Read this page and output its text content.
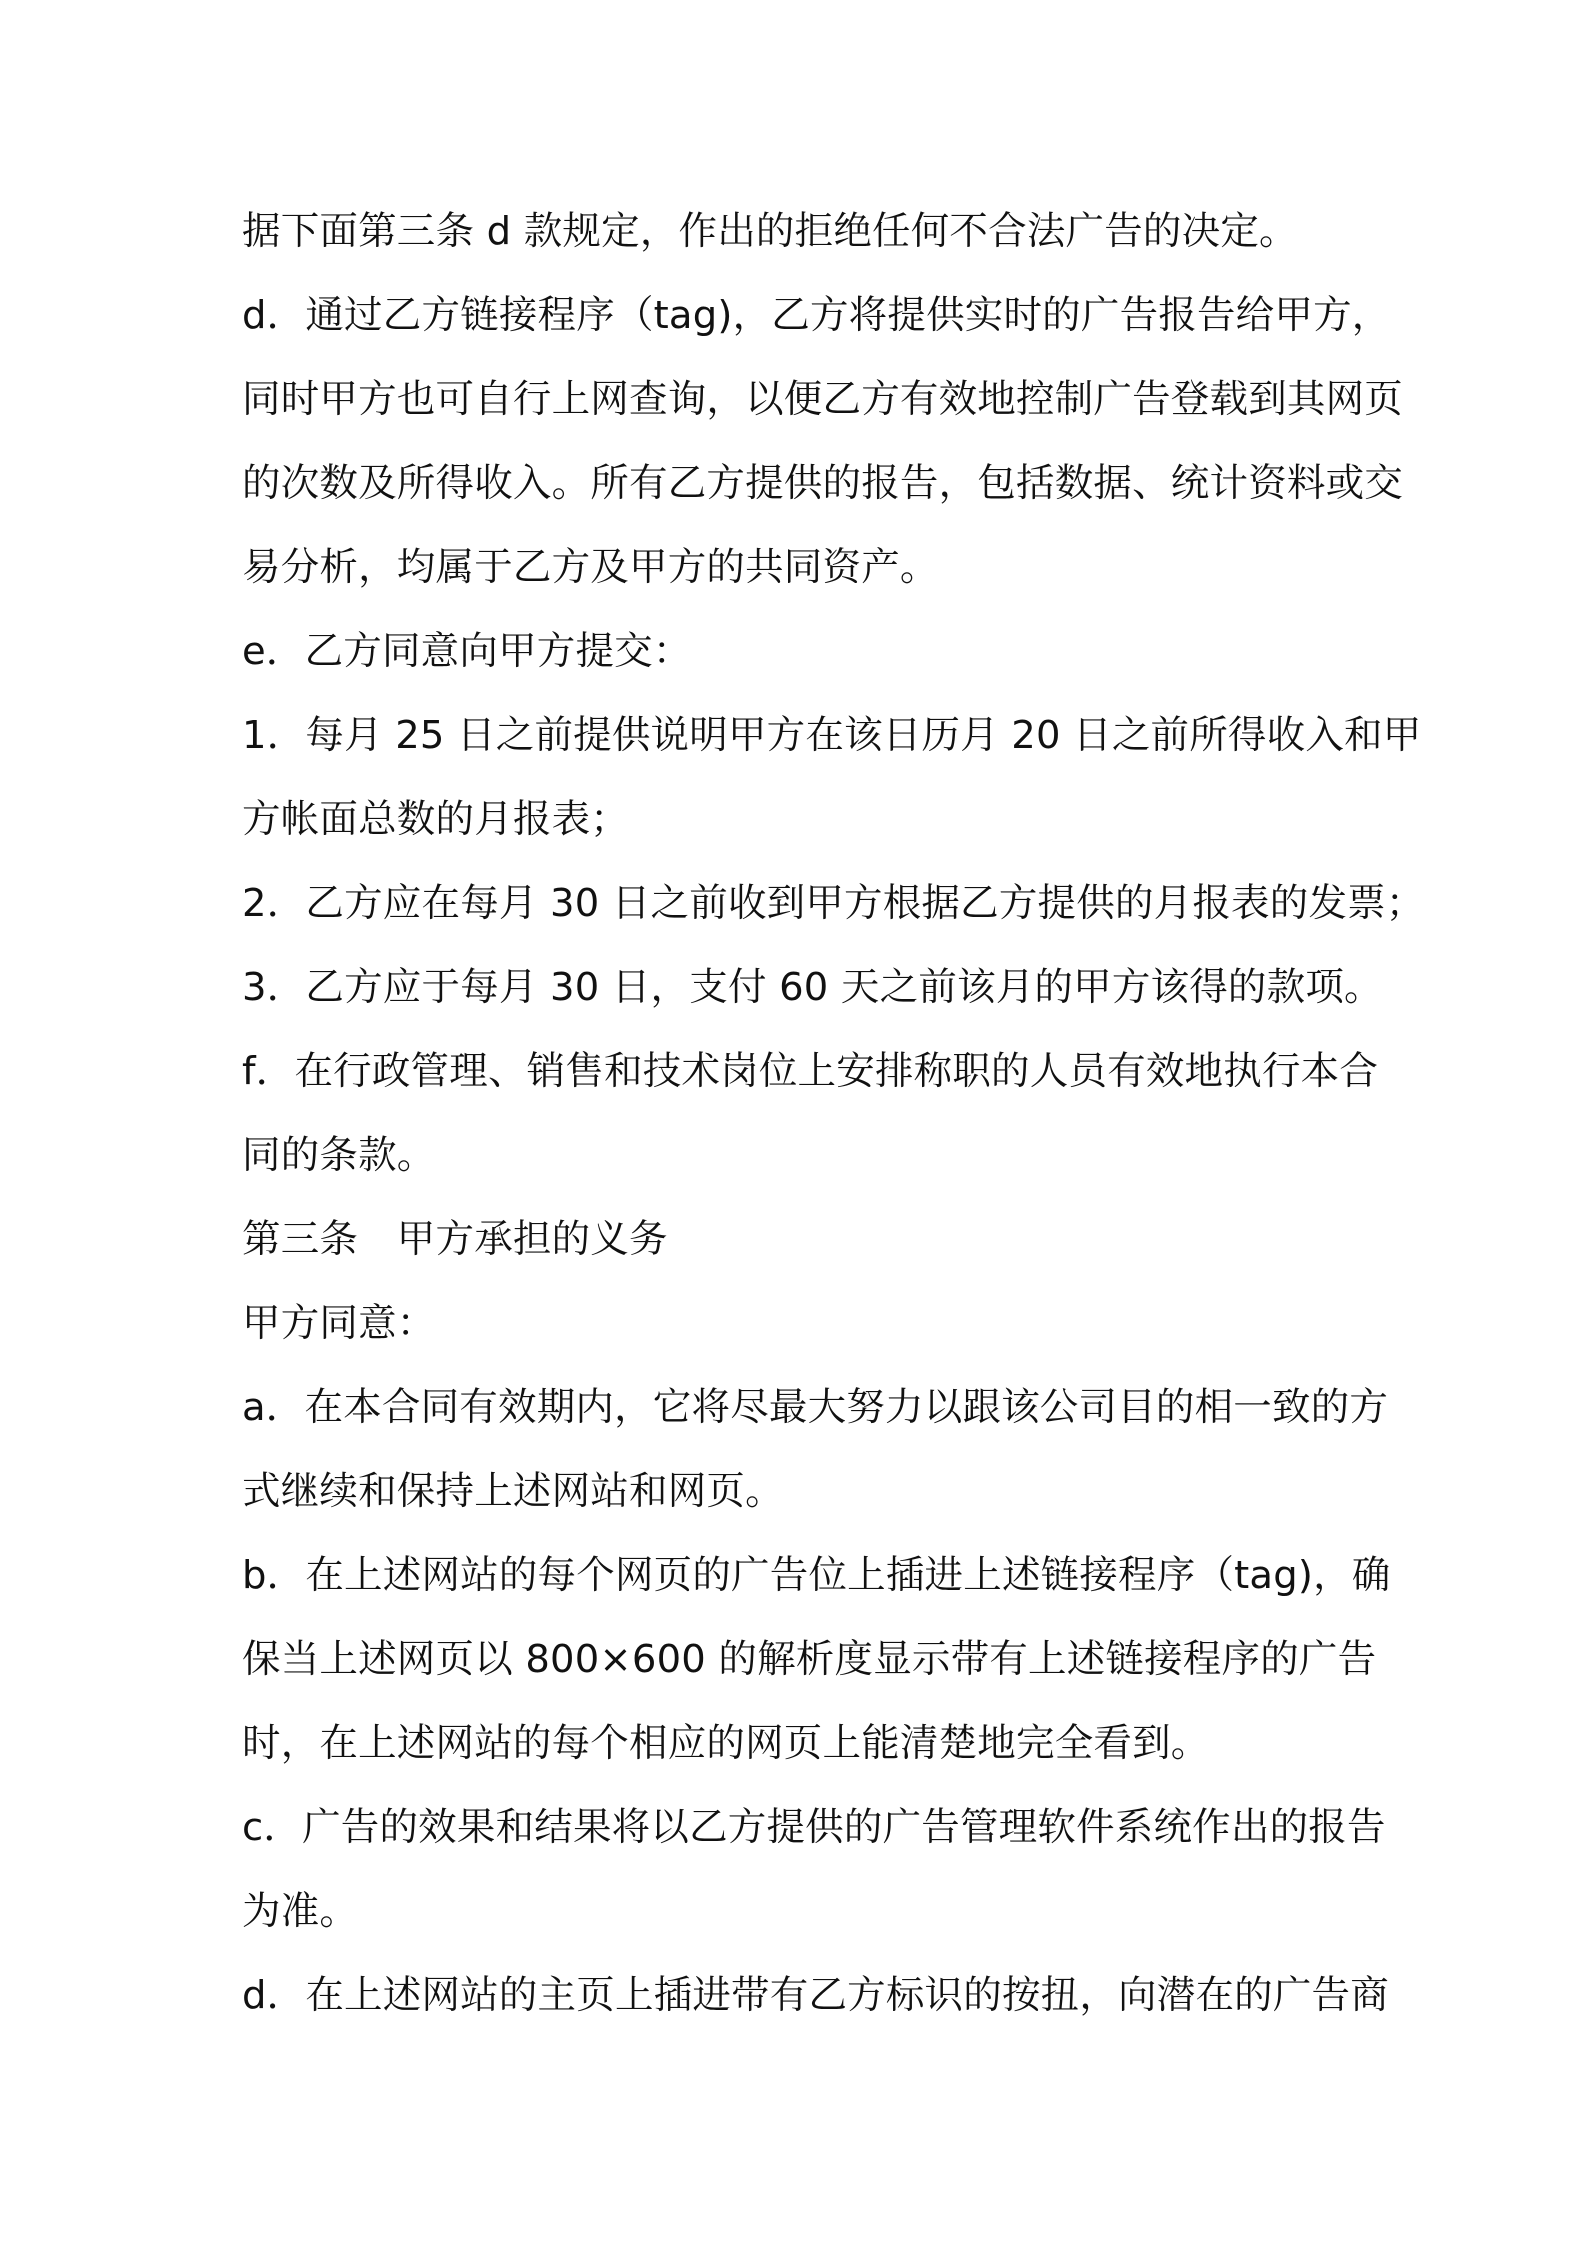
据下面第三条 d 款规定，作出的拒绝任何不合法广告的决定。
d．通过乙方链接程序（tag)，乙方将提供实时的广告报告给甲方，
同时甲方也可自行上网查询，以便乙方有效地控制广告登载到其网页
的次数及所得收入。所有乙方提供的报告，包括数据、统计资料或交
易分析，均属于乙方及甲方的共同资产。
e．乙方同意向甲方提交：
1．每月 25 日之前提供说明甲方在该日历月 20 日之前所得收入和甲
方帐面总数的月报表；
2．乙方应在每月 30 日之前收到甲方根据乙方提供的月报表的发票；
3．乙方应于每月 30 日，支付 60 天之前该月的甲方该得的款项。
f．在行政管理、销售和技术岗位上安排称职的人员有效地执行本合
同的条款。
第三条　甲方承担的义务
甲方同意：
a．在本合同有效期内，它将尽最大努力以跟该公司目的相一致的方
式继续和保持上述网站和网页。
b．在上述网站的每个网页的广告位上插进上述链接程序（tag)，确
保当上述网页以 800×600 的解析度显示带有上述链接程序的广告
时，在上述网站的每个相应的网页上能清楚地完全看到。
c．广告的效果和结果将以乙方提供的广告管理软件系统作出的报告
为准。
d．在上述网站的主页上插进带有乙方标识的按扭，向潜在的广告商
